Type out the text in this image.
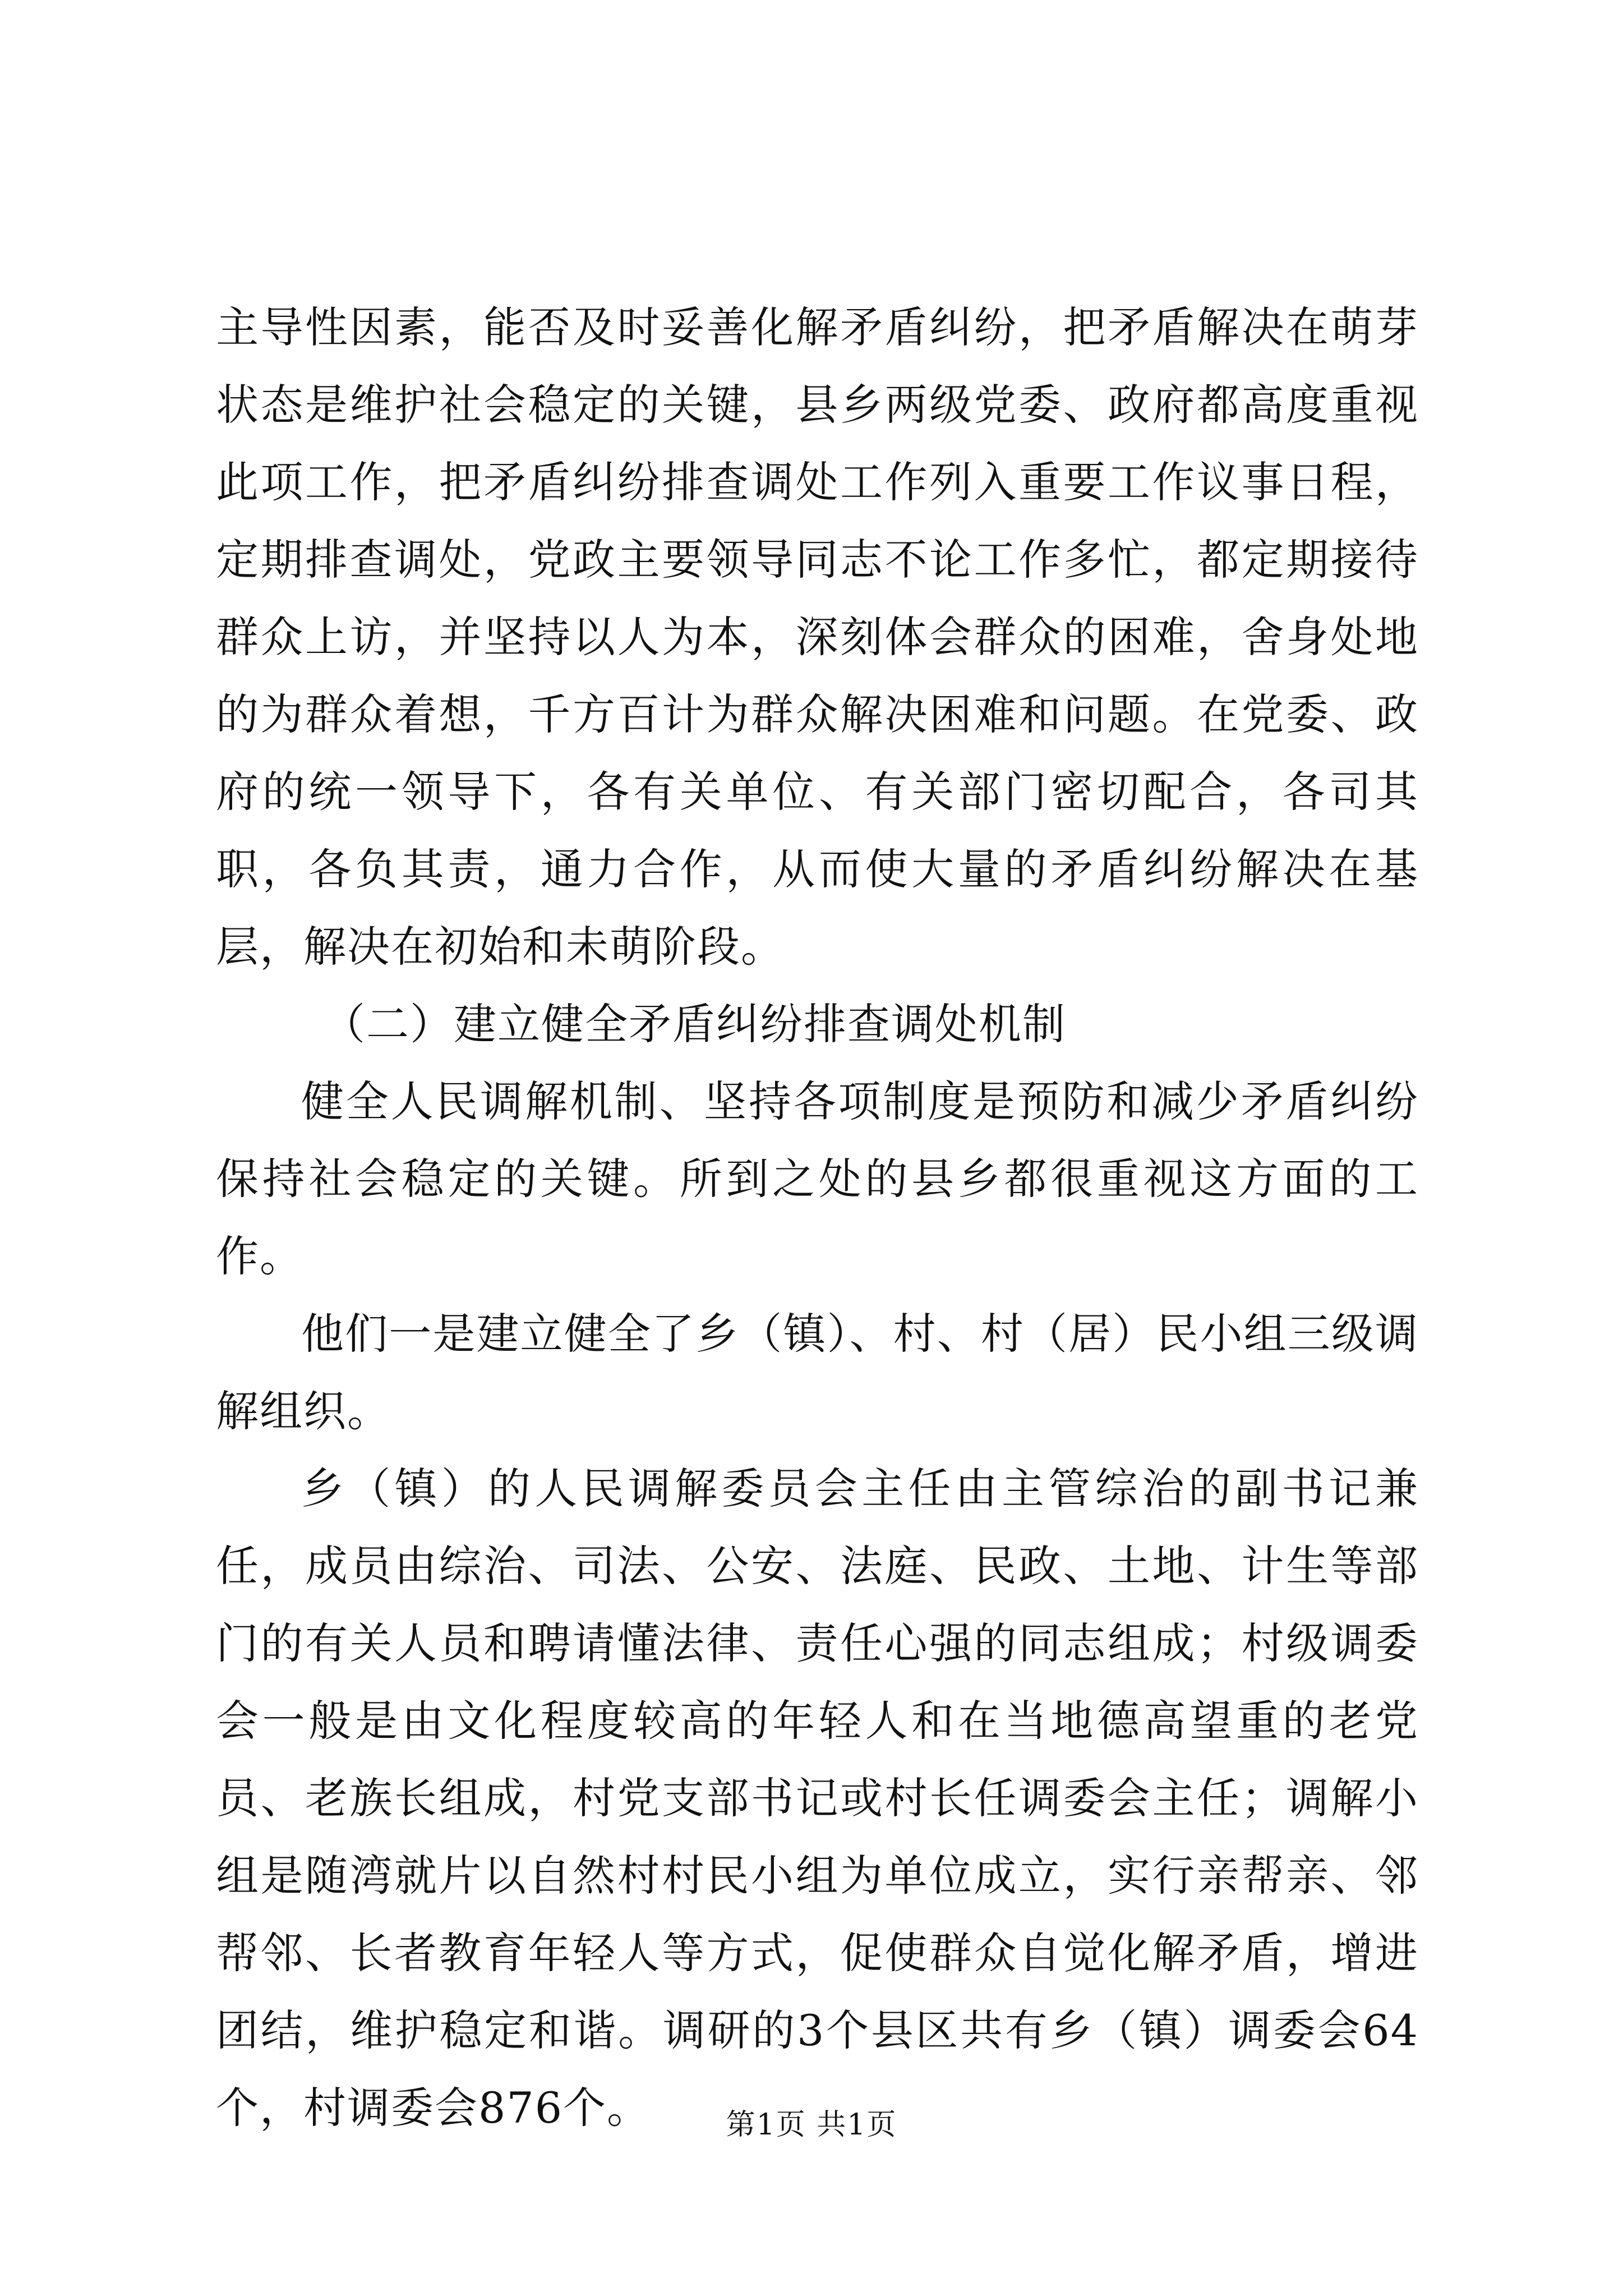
主导性因素，能否及时妥善化解矛盾纠纷，把矛盾解决在萌芽状态是维护社会稳定的关键，县乡两级党委、政府都高度重视此项工作，把矛盾纠纷排查调处工作列入重要工作议事日程，定期排查调处，党政主要领导同志不论工作多忙，都定期接待群众上访，并坚持以人为本，深刻体会群众的困难，舍身处地的为群众着想，千方百计为群众解决困难和问题。在党委、政府的统一领导下，各有关单位、有关部门密切配合，各司其职，各负其责，通力合作，从而使大量的矛盾纠纷解决在基层，解决在初始和未萌阶段。

（二）建立健全矛盾纠纷排查调处机制

健全人民调解机制、坚持各项制度是预防和减少矛盾纠纷保持社会稳定的关键。所到之处的县乡都很重视这方面的工作。

他们一是建立健全了乡（镇）、村、村（居）民小组三级调解组织。

乡（镇）的人民调解委员会主任由主管综治的副书记兼任，成员由综治、司法、公安、法庭、民政、土地、计生等部门的有关人员和聘请懂法律、责任心强的同志组成；村级调委会一般是由文化程度较高的年轻人和在当地德高望重的老党员、老族长组成，村党支部书记或村长任调委会主任；调解小组是随湾就片以自然村村民小组为单位成立，实行亲帮亲、邻帮邻、长者教育年轻人等方式，促使群众自觉化解矛盾，增进团结，维护稳定和谐。调研的3个县区共有乡（镇）调委会64个，村调委会876个。	第1页 共1页
